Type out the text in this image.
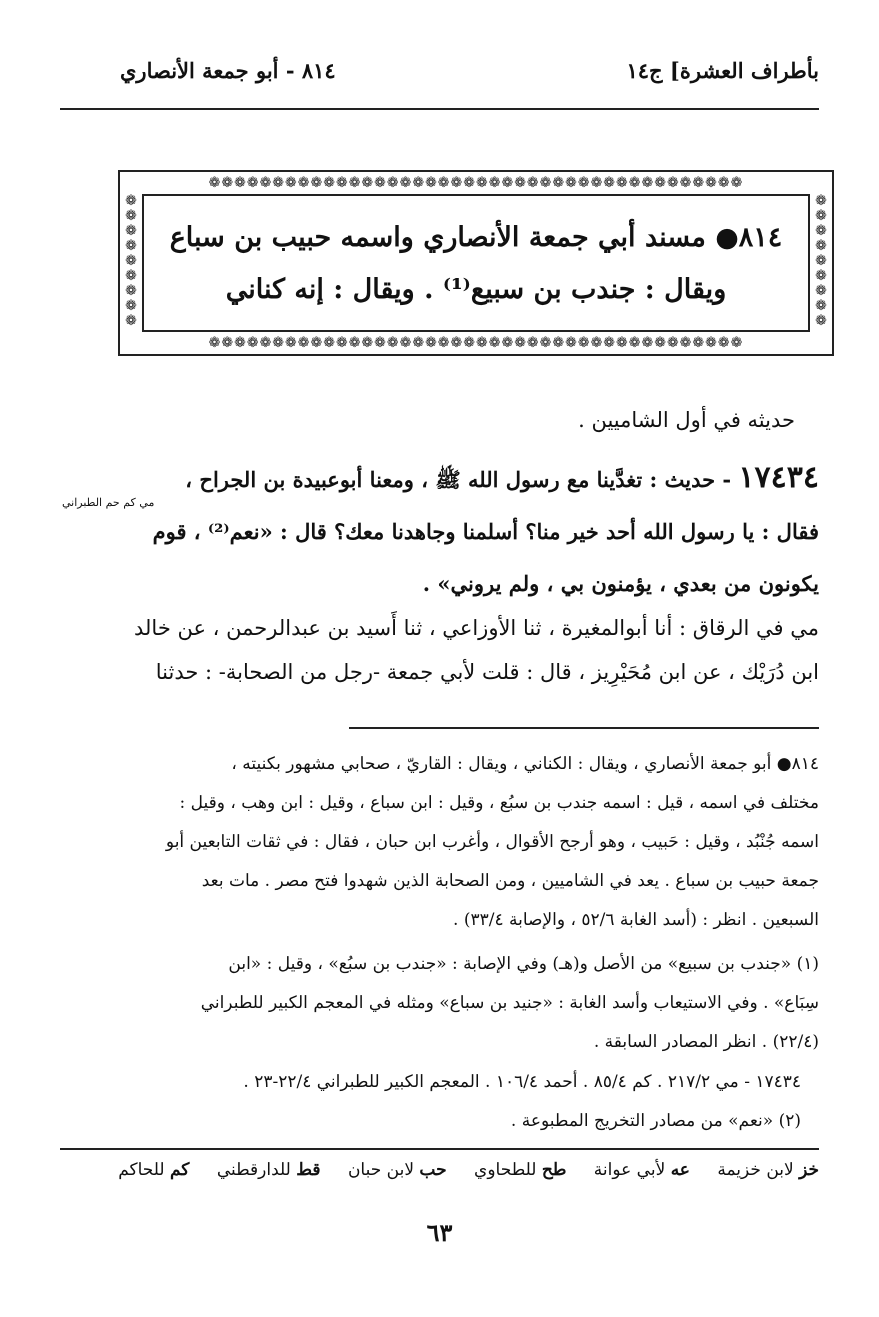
بأطراف العشرة] ج١٤
٨١٤ - أبو جمعة الأنصاري
❁❁❁❁❁❁❁❁❁❁❁❁❁❁❁❁❁❁❁❁❁❁❁❁❁❁❁❁❁❁❁❁❁❁❁❁❁❁❁❁❁❁
❁❁❁❁❁❁❁❁❁❁❁❁❁❁❁❁❁❁❁❁❁❁❁❁❁❁❁❁❁❁❁❁❁❁❁❁❁❁❁❁❁❁
❁❁❁❁❁❁❁❁❁
❁❁❁❁❁❁❁❁❁
٨١٤● مسند أبي جمعة الأنصاري واسمه حبيب بن سباع
ويقال : جندب بن سبيع⁽¹⁾ . ويقال : إنه كناني
حديثه في أول الشاميين .
١٧٤٣٤ - حديث : تغدَّينا مع رسول الله ﷺ ، ومعنا أبوعبيدة بن الجراح ،
فقال : يا رسول الله أحد خير منا؟ أسلمنا وجاهدنا معك؟ قال : «نعم⁽²⁾ ، قوم
يكونون من بعدي ، يؤمنون بي ، ولم يروني» .
مي كم حم الطبراني
مي في الرقاق : أنا أبوالمغيرة ، ثنا الأوزاعي ، ثنا أَسيد بن عبدالرحمن ، عن خالد
ابن دُرَيْك ، عن ابن مُحَيْرِيز ، قال : قلت لأبي جمعة -رجل من الصحابة- : حدثنا
٨١٤● أبو جمعة الأنصاري ، ويقال : الكناني ، ويقال : القاريّ ، صحابي مشهور بكنيته ،
مختلف في اسمه ، قيل : اسمه جندب بن سبُع ، وقيل : ابن سباع ، وقيل : ابن وهب ، وقيل :
اسمه جُنْبُد ، وقيل : حَبيب ، وهو أرجح الأقوال ، وأغرب ابن حبان ، فقال : في ثقات التابعين أبو
جمعة حبيب بن سباع . يعد في الشاميين ، ومن الصحابة الذين شهدوا فتح مصر . مات بعد
السبعين . انظر : (أسد الغابة ٥٢/٦ ، والإصابة ٣٣/٤) .
(١) «جندب بن سبيع» من الأصل و(هـ) وفي الإصابة : «جندب بن سبُع» ، وقيل : «ابن
سِبَاع» . وفي الاستيعاب وأسد الغابة : «جنيد بن سباع» ومثله في المعجم الكبير للطبراني
(٢٢/٤) . انظر المصادر السابقة .
١٧٤٣٤ - مي ٢١٧/٢ . كم ٨٥/٤ . أحمد ١٠٦/٤ . المعجم الكبير للطبراني ٢٢/٤-٢٣ .
(٢) «نعم» من مصادر التخريج المطبوعة .
خز لابن خزيمة عه لأبي عوانة طح للطحاوي حب لابن حبان قط للدارقطني كم للحاكم
٦٣
